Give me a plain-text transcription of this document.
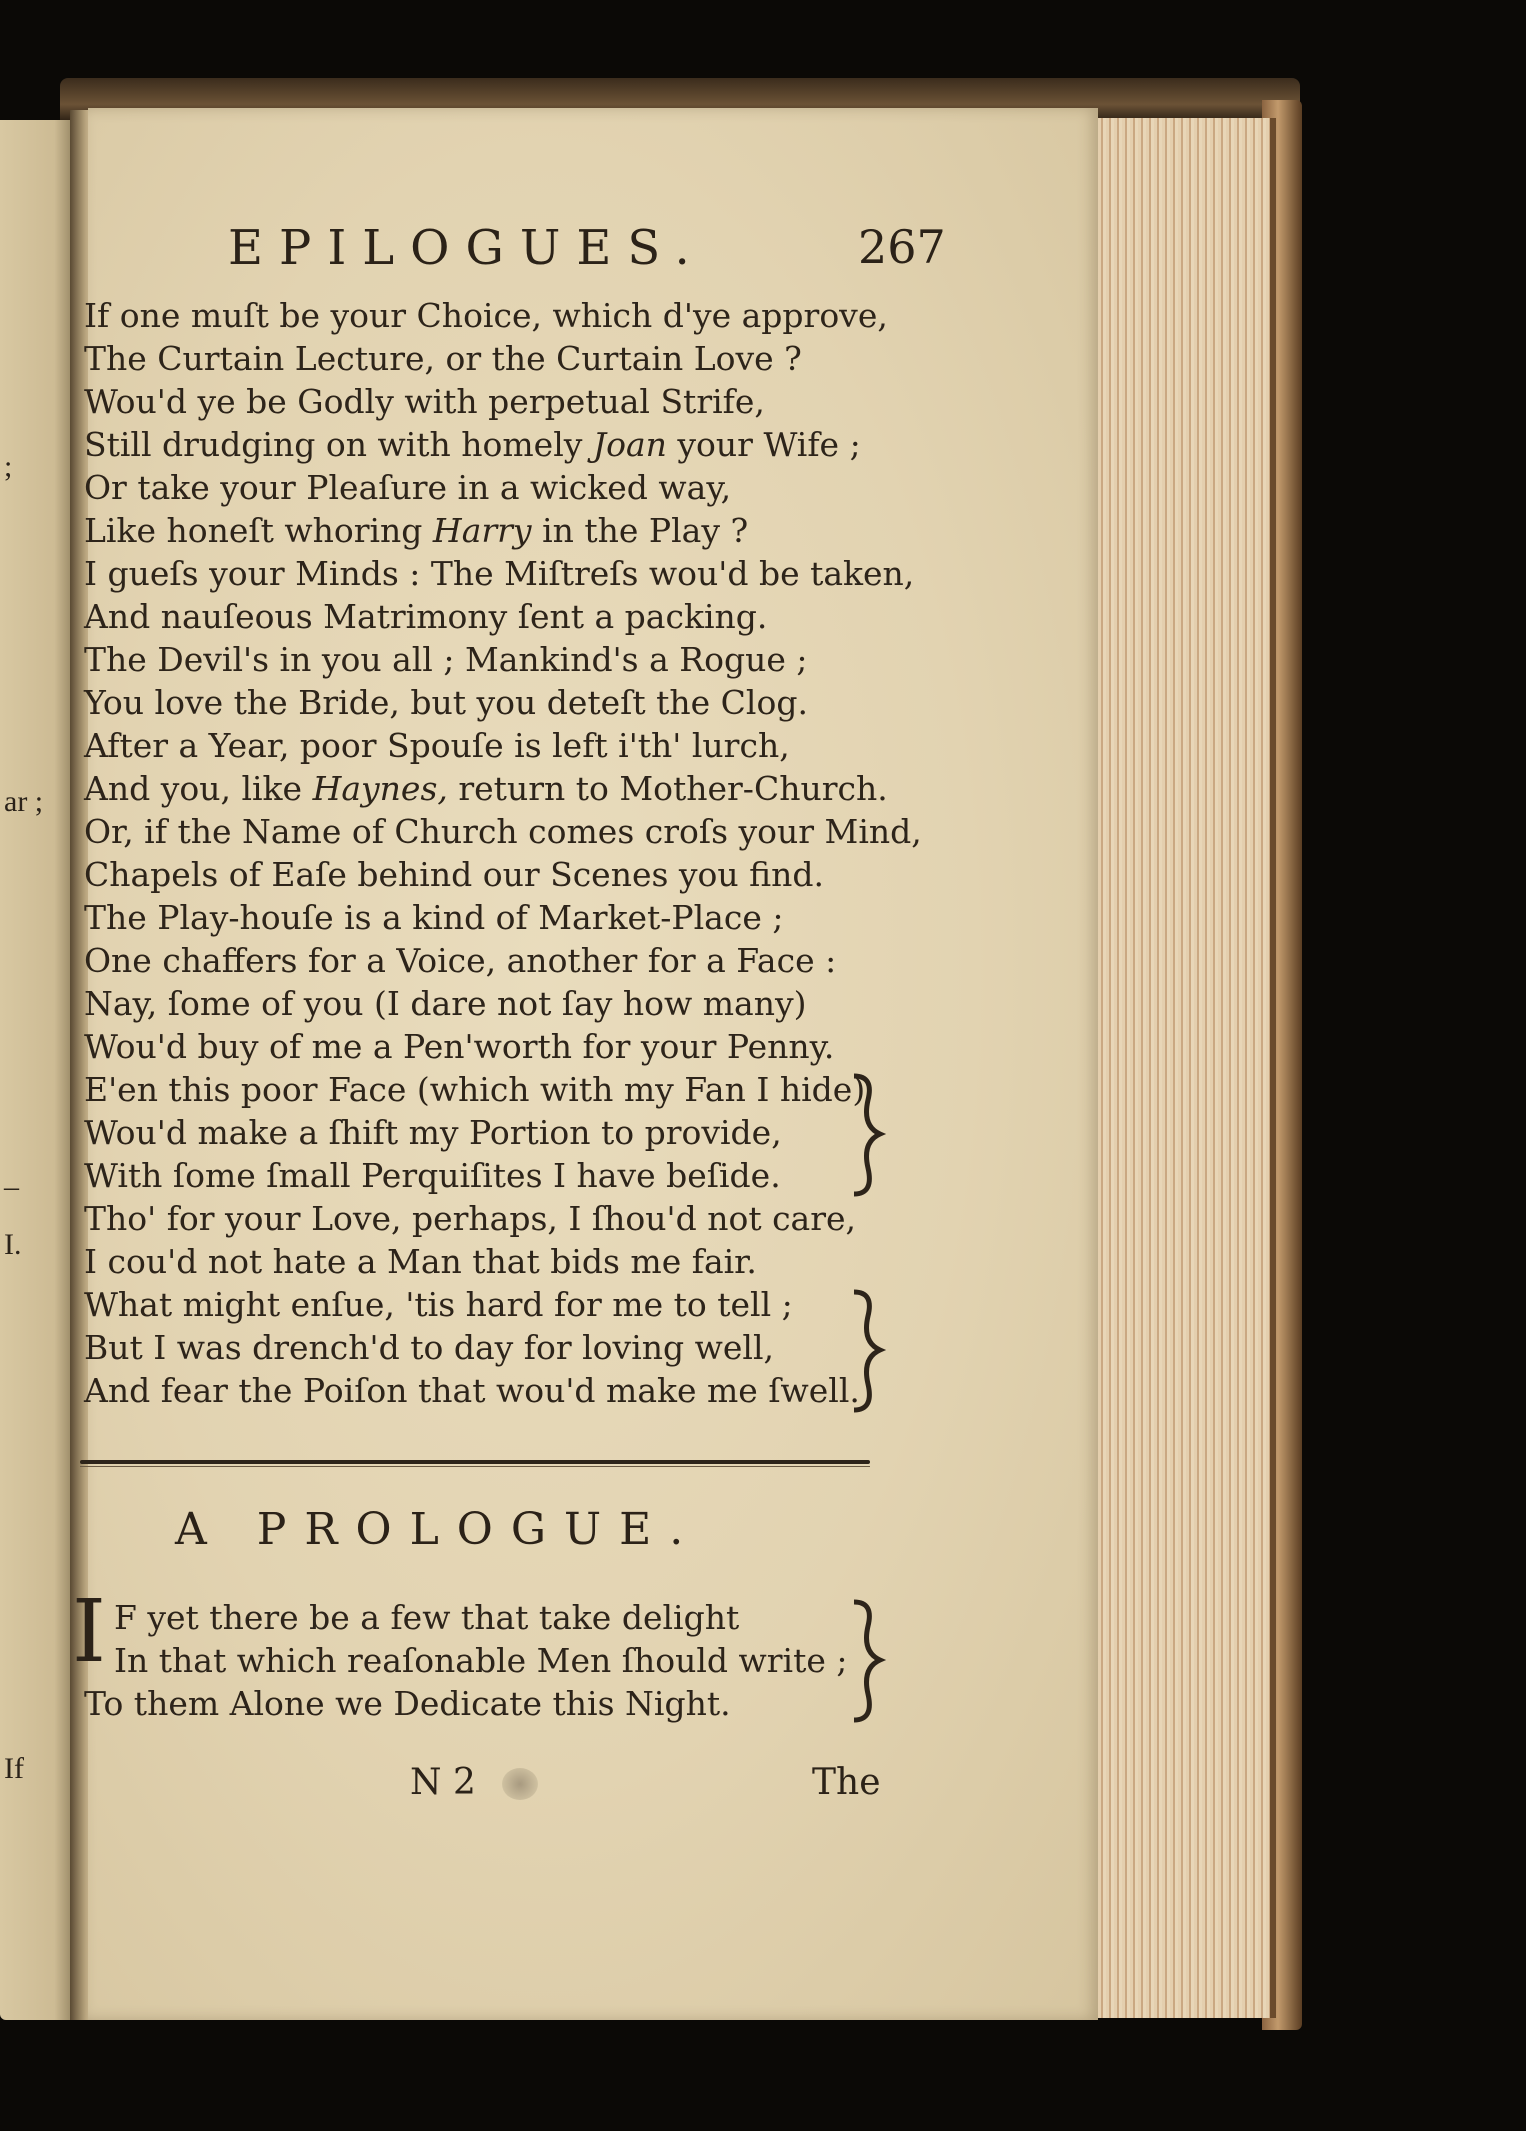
;
ar ;
–
I.
If
EPILOGUES.	267
If one muſt be your Choice, which d'ye approve,
The Curtain Lecture, or the Curtain Love ?
Wou'd ye be Godly with perpetual Strife,
Still drudging on with homely Joan your Wife ;
Or take your Pleaſure in a wicked way,
Like honeſt whoring Harry in the Play ?
I gueſs your Minds : The Miſtreſs wou'd be taken,
And nauſeous Matrimony ſent a packing.
The Devil's in you all ; Mankind's a Rogue ;
You love the Bride, but you deteſt the Clog.
After a Year, poor Spouſe is left i'th' lurch,
And you, like Haynes, return to Mother-Church.
Or, if the Name of Church comes croſs your Mind,
Chapels of Eaſe behind our Scenes you find.
The Play-houſe is a kind of Market-Place ;
One chaffers for a Voice, another for a Face :
Nay, ſome of you (I dare not ſay how many)
Wou'd buy of me a Pen'worth for your Penny.
E'en this poor Face (which with my Fan I hide)
Wou'd make a ſhift my Portion to provide,
With ſome ſmall Perquiſites I have beſide.
Tho' for your Love, perhaps, I ſhou'd not care,
I cou'd not hate a Man that bids me fair.
What might enſue, 'tis hard for me to tell ;
But I was drench'd to day for loving well,
And fear the Poiſon that wou'd make me ſwell.
A PROLOGUE.
I F yet there be a few that take delight
In that which reaſonable Men ſhould write ;
To them Alone we Dedicate this Night.
N 2	The
